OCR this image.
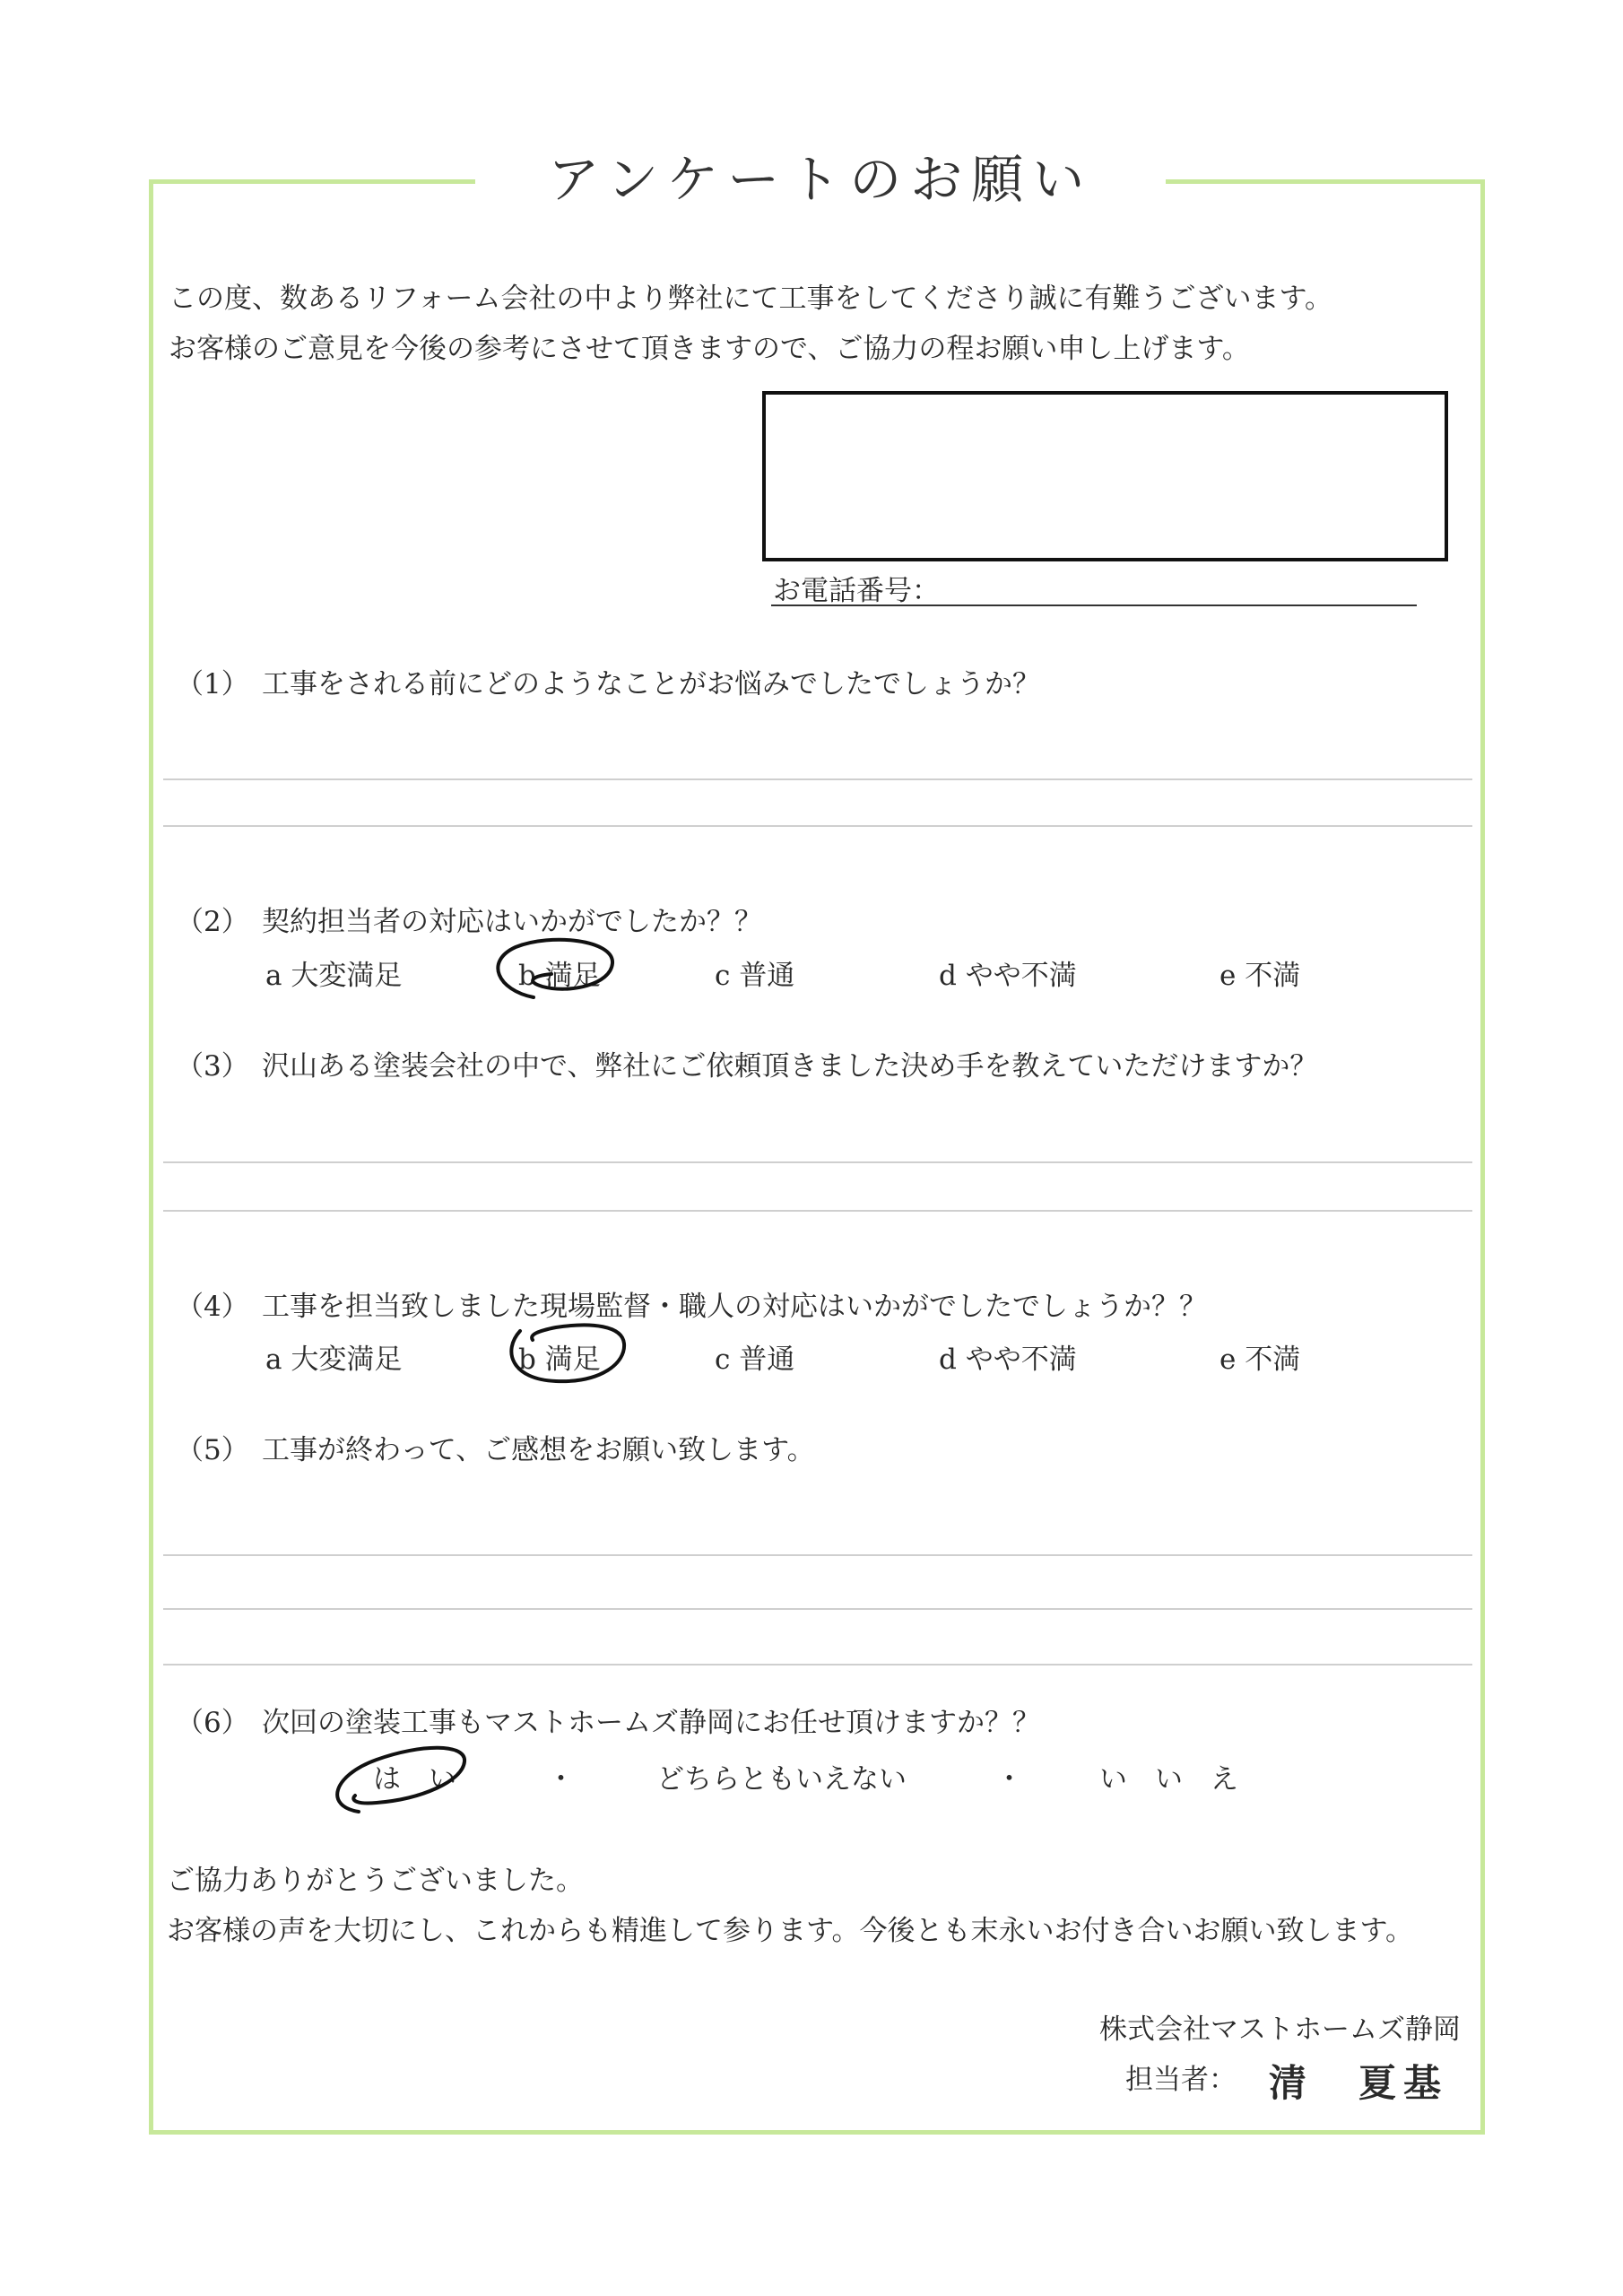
アンケートのお願い
この度、数あるリフォーム会社の中より弊社にて工事をしてくださり誠に有難うございます。
お客様のご意見を今後の参考にさせて頂きますので、ご協力の程お願い申し上げます。
お電話番号：
（1） 工事をされる前にどのようなことがお悩みでしたでしょうか？
（2） 契約担当者の対応はいかがでしたか？？
a 大変満足	b 満足	c 普通	d やや不満	e 不満
（3） 沢山ある塗装会社の中で、弊社にご依頼頂きました決め手を教えていただけますか？
（4） 工事を担当致しました現場監督・職人の対応はいかがでしたでしょうか？？
a 大変満足	b 満足	c 普通	d やや不満	e 不満
（5） 工事が終わって、ご感想をお願い致します。
（6） 次回の塗装工事もマストホームズ静岡にお任せ頂けますか？？
は　い	・	どちらともいえない	・	い　い　え
ご協力ありがとうございました。
お客様の声を大切にし、これからも精進して参ります。今後とも末永いお付き合いお願い致します。
株式会社マストホームズ静岡
担当者： 清　夏基
